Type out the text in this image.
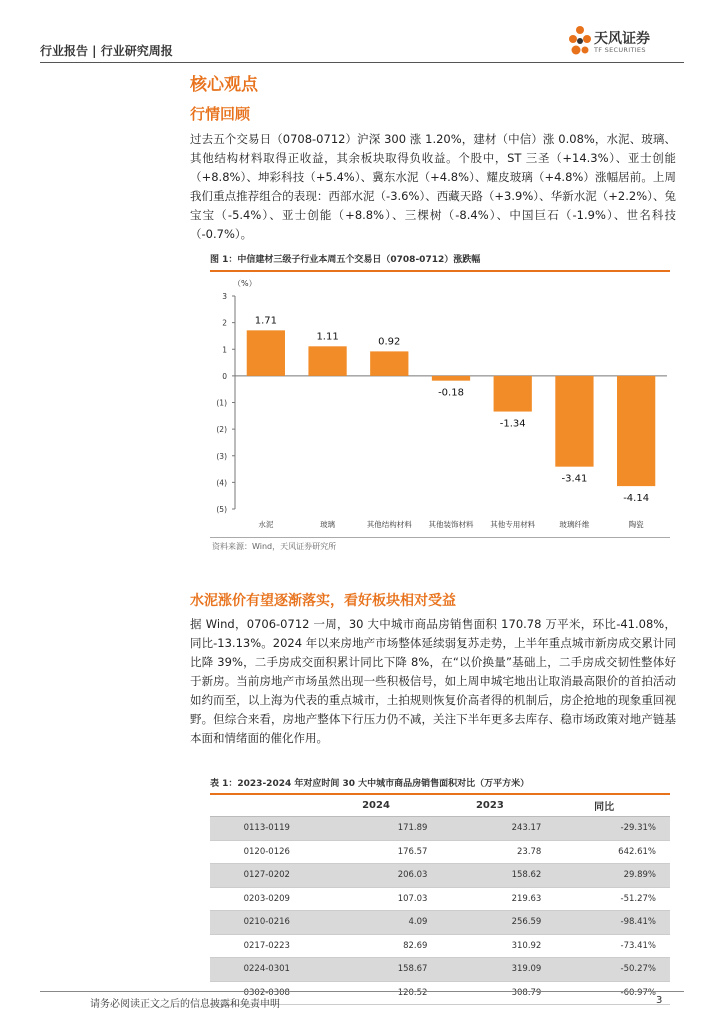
行业报告 | 行业研究周报
天风证券
TF SECURITIES
核心观点
行情回顾
过去五个交易日（0708-0712）沪深 300 涨 1.20%，建材（中信）涨 0.08%，水泥、玻璃、其他结构材料取得正收益，其余板块取得负收益。个股中，ST 三圣（+14.3%）、亚士创能（+8.8%）、坤彩科技（+5.4%）、冀东水泥（+4.8%）、耀皮玻璃（+4.8%）涨幅居前。上周我们重点推荐组合的表现：西部水泥（-3.6%）、西藏天路（+3.9%）、华新水泥（+2.2%）、兔宝宝（-5.4%）、亚士创能（+8.8%）、三棵树（-8.4%）、中国巨石（-1.9%）、世名科技（-0.7%）。
图 1：中信建材三级子行业本周五个交易日（0708-0712）涨跌幅
（%）
3
2
1
0
(1)
(2)
(3)
(4)
(5)
1.71
水泥
1.11
玻璃
0.92
其他结构材料
-0.18
其他装饰材料
-1.34
其他专用材料
-3.41
玻璃纤维
-4.14
陶瓷
资料来源：Wind，天风证券研究所
水泥涨价有望逐渐落实，看好板块相对受益
据 Wind，0706-0712 一周，30 大中城市商品房销售面积 170.78 万平米，环比-41.08%，同比-13.13%。2024 年以来房地产市场整体延续弱复苏走势，上半年重点城市新房成交累计同比降 39%，二手房成交面积累计同比下降 8%，在“以价换量”基础上，二手房成交韧性整体好于新房。当前房地产市场虽然出现一些积极信号，如上周申城宅地出让取消最高限价的首拍活动如约而至，以上海为代表的重点城市，土拍规则恢复价高者得的机制后，房企抢地的现象重回视野。但综合来看，房地产整体下行压力仍不减，关注下半年更多去库存、稳市场政策对地产链基本面和情绪面的催化作用。
表 1：2023-2024 年对应时间 30 大中城市商品房销售面积对比（万平方米）
	2024	2023	同比
0113-0119	171.89	243.17	-29.31%
0120-0126	176.57	23.78	642.61%
0127-0202	206.03	158.62	29.89%
0203-0209	107.03	219.63	-51.27%
0210-0216	4.09	256.59	-98.41%
0217-0223	82.69	310.92	-73.41%
0224-0301	158.67	319.09	-50.27%
0302-0308	120.52	308.79	-60.97%
请务必阅读正文之后的信息披露和免责申明	3
